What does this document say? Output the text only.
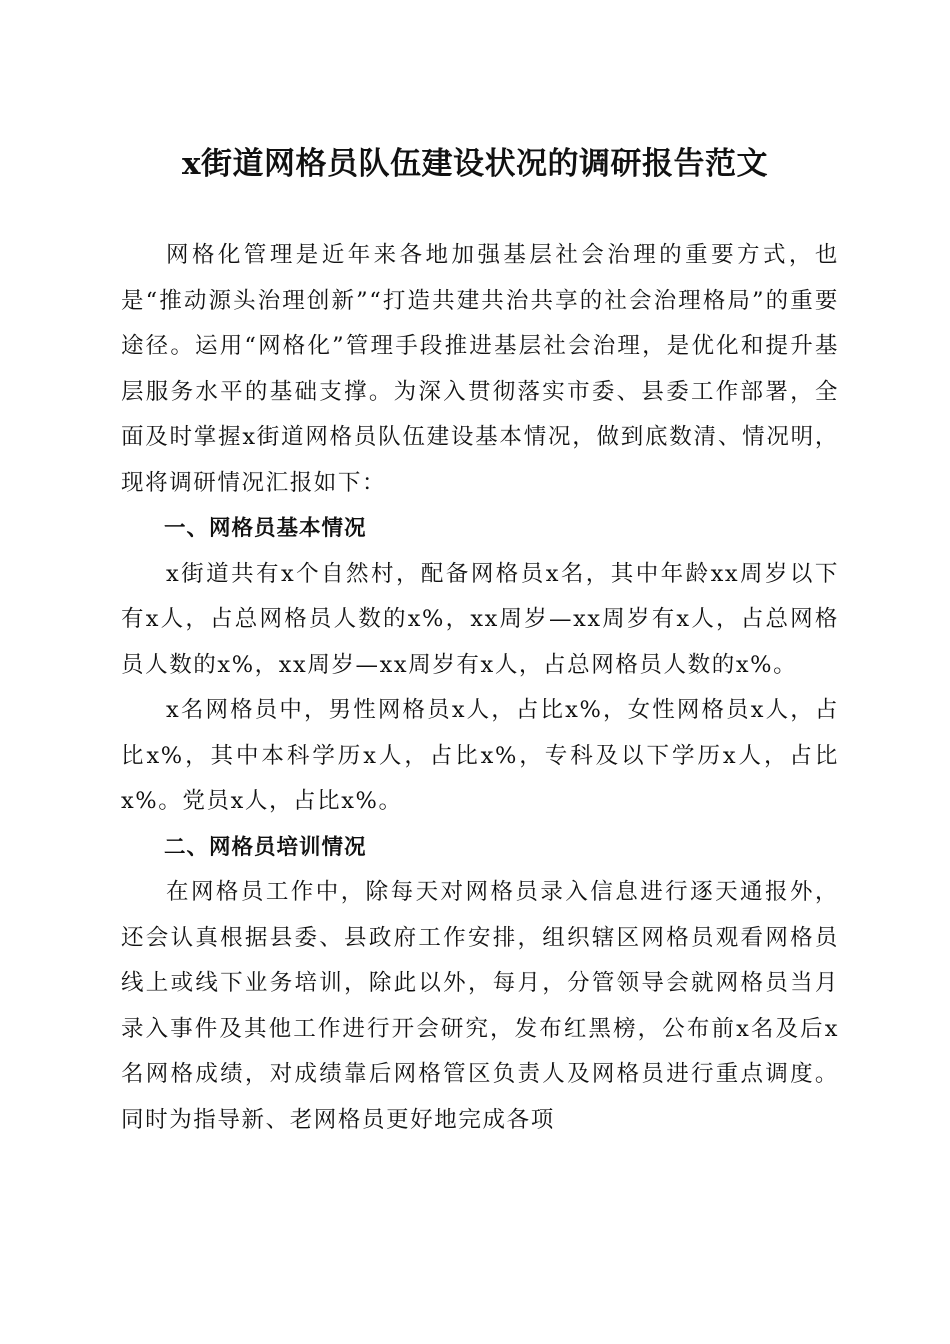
x街道网格员队伍建设状况的调研报告范文

网格化管理是近年来各地加强基层社会治理的重要方式，也是“推动源头治理创新”“打造共建共治共享的社会治理格局”的重要途径。运用“网格化”管理手段推进基层社会治理，是优化和提升基层服务水平的基础支撑。为深入贯彻落实市委、县委工作部署，全面及时掌握x街道网格员队伍建设基本情况，做到底数清、情况明，现将调研情况汇报如下：

一、网格员基本情况

x街道共有x个自然村，配备网格员x名，其中年龄xx周岁以下有x人，占总网格员人数的x%，xx周岁—xx周岁有x人，占总网格员人数的x%，xx周岁—xx周岁有x人，占总网格员人数的x%。

x名网格员中，男性网格员x人，占比x%，女性网格员x人，占比x%，其中本科学历x人，占比x%，专科及以下学历x人，占比x%。党员x人，占比x%。

二、网格员培训情况

在网格员工作中，除每天对网格员录入信息进行逐天通报外，还会认真根据县委、县政府工作安排，组织辖区网格员观看网格员线上或线下业务培训，除此以外，每月，分管领导会就网格员当月录入事件及其他工作进行开会研究，发布红黑榜，公布前x名及后x名网格成绩，对成绩靠后网格管区负责人及网格员进行重点调度。同时为指导新、老网格员更好地完成各项
